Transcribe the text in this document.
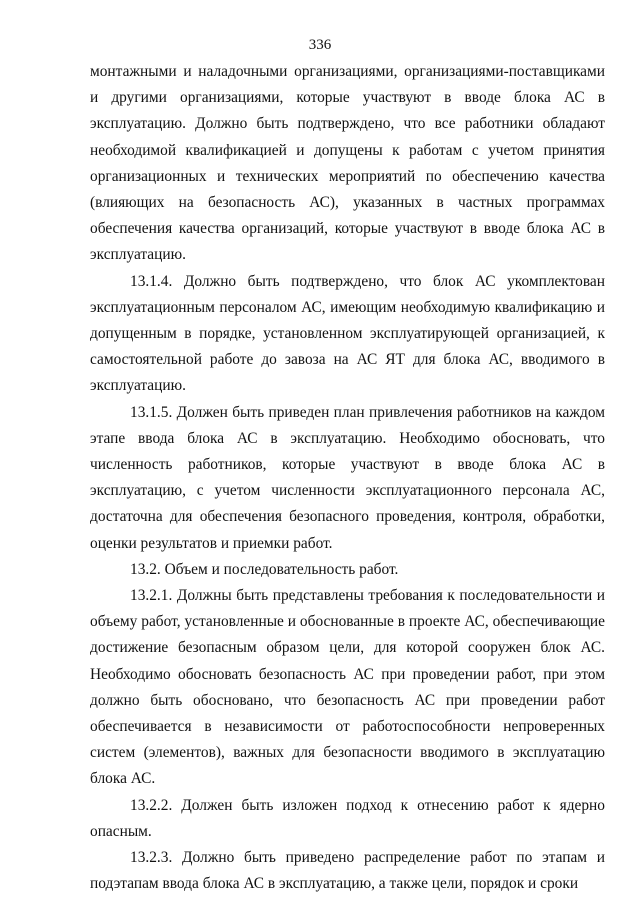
336

монтажными и наладочными организациями, организациями-поставщиками и другими организациями, которые участвуют в вводе блока АС в эксплуатацию. Должно быть подтверждено, что все работники обладают необходимой квалификацией и допущены к работам с учетом принятия организационных и технических мероприятий по обеспечению качества (влияющих на безопасность АС), указанных в частных программах обеспечения качества организаций, которые участвуют в вводе блока АС в эксплуатацию.

13.1.4. Должно быть подтверждено, что блок АС укомплектован эксплуатационным персоналом АС, имеющим необходимую квалификацию и допущенным в порядке, установленном эксплуатирующей организацией, к самостоятельной работе до завоза на АС ЯТ для блока АС, вводимого в эксплуатацию.

13.1.5. Должен быть приведен план привлечения работников на каждом этапе ввода блока АС в эксплуатацию. Необходимо обосновать, что численность работников, которые участвуют в вводе блока АС в эксплуатацию, с учетом численности эксплуатационного персонала АС, достаточна для обеспечения безопасного проведения, контроля, обработки, оценки результатов и приемки работ.

13.2. Объем и последовательность работ.

13.2.1. Должны быть представлены требования к последовательности и объему работ, установленные и обоснованные в проекте АС, обеспечивающие достижение безопасным образом цели, для которой сооружен блок АС. Необходимо обосновать безопасность АС при проведении работ, при этом должно быть обосновано, что безопасность АС при проведении работ обеспечивается в независимости от работоспособности непроверенных систем (элементов), важных для безопасности вводимого в эксплуатацию блока АС.

13.2.2. Должен быть изложен подход к отнесению работ к ядерно опасным.

13.2.3. Должно быть приведено распределение работ по этапам и подэтапам ввода блока АС в эксплуатацию, а также цели, порядок и сроки
